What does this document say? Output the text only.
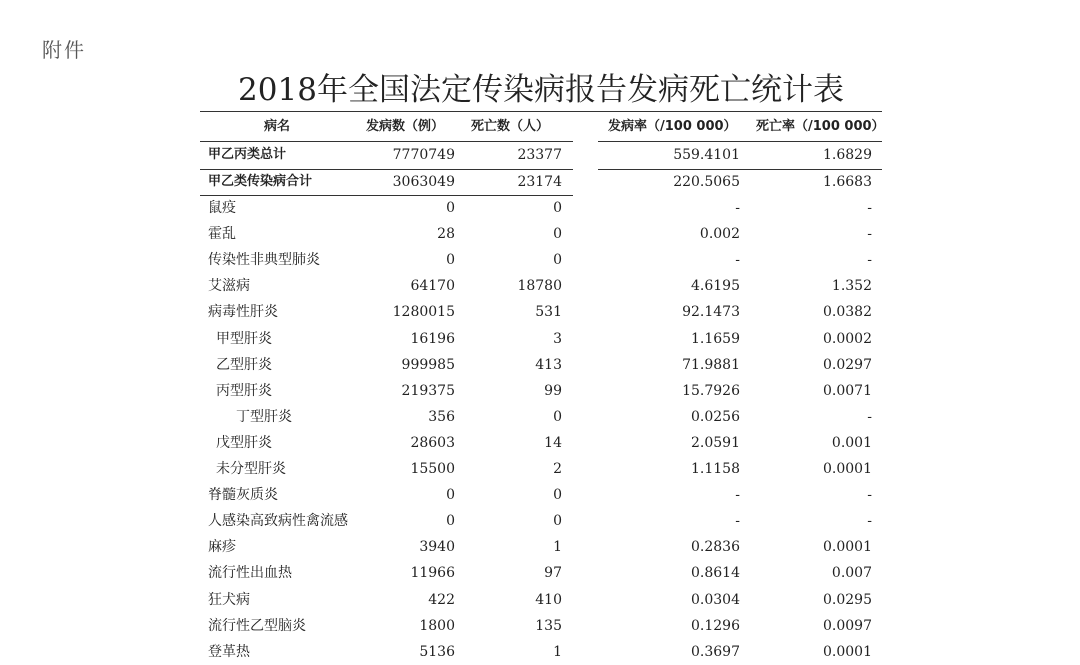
附件
2018年全国法定传染病报告发病死亡统计表
病名	发病数（例） 死亡数（人）	发病率（/100 000） 死亡率（/100 000）
甲乙丙类总计	7770749	23377	559.4101	1.6829
甲乙类传染病合计	3063049	23174	220.5065	1.6683
鼠疫	0	0	-	-
霍乱	28	0	0.002	-
传染性非典型肺炎	0	0	-	-
艾滋病	64170	18780	4.6195	1.352
病毒性肝炎	1280015	531	92.1473	0.0382
甲型肝炎	16196	3	1.1659	0.0002
乙型肝炎	999985	413	71.9881	0.0297
丙型肝炎	219375	99	15.7926	0.0071
丁型肝炎	356	0	0.0256	-
戊型肝炎	28603	14	2.0591	0.001
未分型肝炎	15500	2	1.1158	0.0001
脊髓灰质炎	0	0	-	-
人感染高致病性禽流感	0	0	-	-
麻疹	3940	1	0.2836	0.0001
流行性出血热	11966	97	0.8614	0.007
狂犬病	422	410	0.0304	0.0295
流行性乙型脑炎	1800	135	0.1296	0.0097
登革热	5136	1	0.3697	0.0001
